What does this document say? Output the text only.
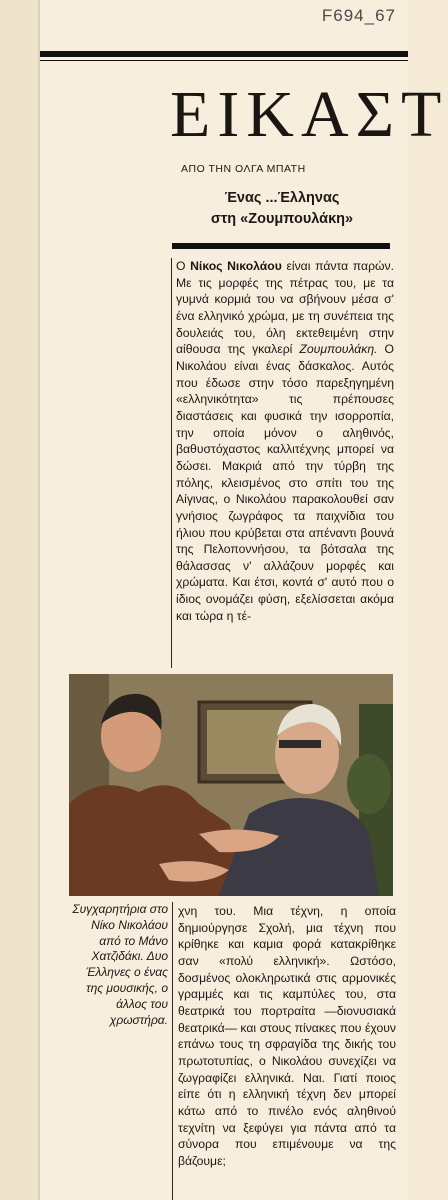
F694_67
ΕΙΚΑΣΤ
ΑΠΟ ΤΗΝ ΟΛΓΑ ΜΠΑΤΗ
Ένας ...Έλληνας
στη «Ζουμπουλάκη»

Ο Νίκος Νικολάου είναι πάντα παρών. Με τις μορφές της πέτρας του, με τα γυμνά κορμιά του να σβήνουν μέσα σ' ένα ελληνικό χρώμα, με τη συνέπεια της δουλειάς του, όλη εκτεθειμένη στην αίθουσα της γκαλερί Ζουμπουλάκη. Ο Νικολάου είναι ένας δάσκαλος. Αυτός που έδωσε στην τόσο παρεξηγημένη «ελληνικότητα» τις πρέπουσες διαστάσεις και φυσικά την ισορροπία, την οποία μόνον ο αληθινός, βαθυστόχαστος καλλιτέχνης μπορεί να δώσει. Μακριά από την τύρβη της πόλης, κλεισμένος στο σπίτι του της Αίγινας, ο Νικολάου παρακολουθεί σαν γνήσιος ζωγράφος τα παιχνίδια του ήλιου που κρύβεται στα απέναντι βουνά της Πελοποννήσου, τα βότσαλα της θάλασσας ν' αλλάζουν μορφές και χρώματα. Και έτσι, κοντά σ' αυτό που ο ίδιος ονομάζει φύση, εξελίσσεται ακόμα και τώρα η τέ-

Συγχαρητήρια στο Νίκο Νικολάου από το Μάνο Χατζιδάκι. Δυο Έλληνες ο ένας της μουσικής, ο άλλος του χρωστήρα.
χνη του. Μια τέχνη, η οποία δημιούργησε Σχολή, μια τέχνη που κρίθηκε και καμια φορά κατακρίθηκε σαν «πολύ ελληνική». Ωστόσο, δοσμένος ολοκληρωτικά στις αρμονικές γραμμές και τις καμπύλες του, στα θεατρικά του πορτραίτα —διονυσιακά θεατρικά— και στους πίνακες που έχουν επάνω τους τη σφραγίδα της δικής του πρωτοτυπίας, ο Νικολάου συνεχίζει να ζωγραφίζει ελληνικά. Ναι. Γιατί ποιος είπε ότι η ελληνική τέχνη δεν μπορεί κάτω από το πινέλο ενός αληθινού τεχνίτη να ξεφύγει για πάντα από τα σύνορα που επιμένουμε να της βάζουμε;
